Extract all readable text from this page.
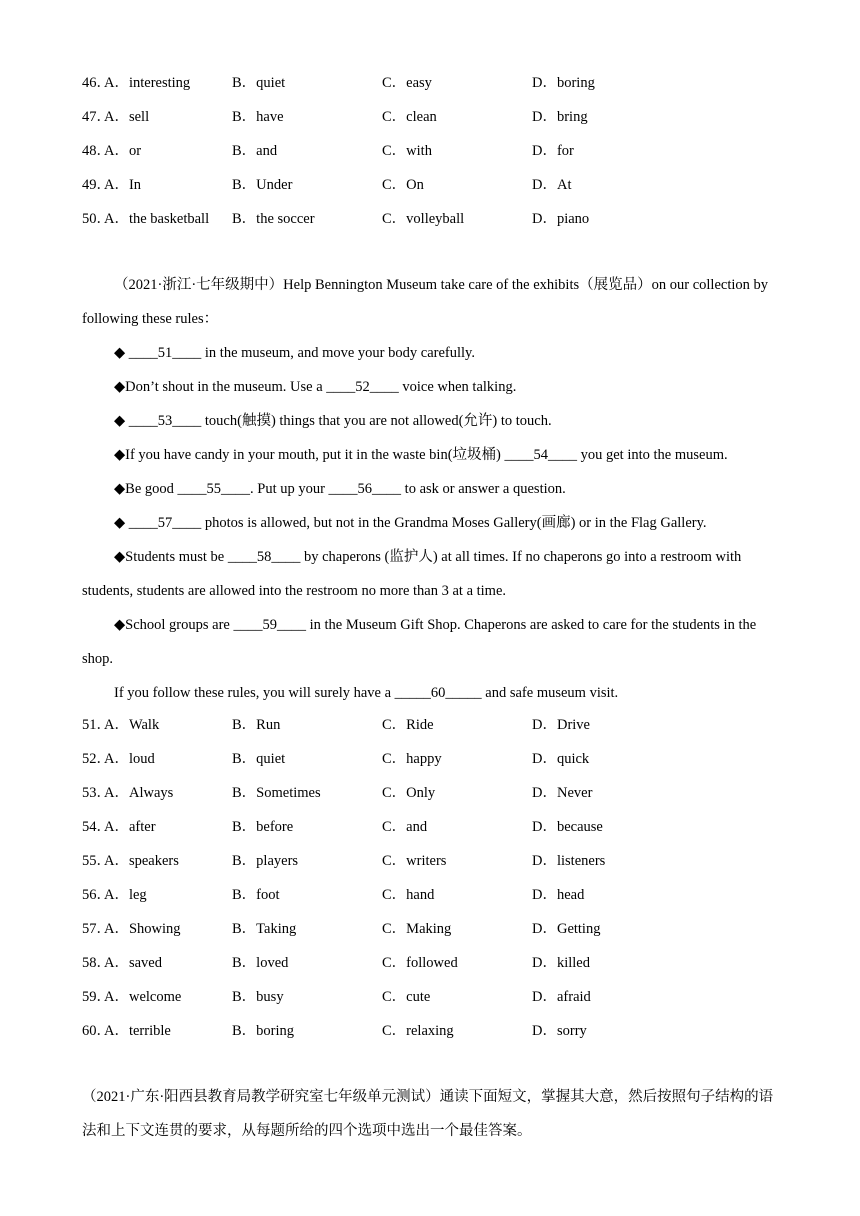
46．
A．interesting	B．quiet	C．easy	D．boring
47．
A．sell	B．have	C．clean	D．bring
48．
A．or	B．and	C．with	D．for
49．
A．In	B．Under	C．On	D．At
50．
A．the basketball B．the soccer	C．volleyball	D．piano

（2021·浙江·七年级期中）Help Bennington Museum take care of the exhibits（展览品）on our collection by following these rules：

◆ ____51____ in the museum, and move your body carefully.

◆Don’t shout in the museum. Use a ____52____ voice when talking.

◆ ____53____ touch(触摸) things that you are not allowed(允许) to touch.

◆If you have candy in your mouth, put it in the waste bin(垃圾桶) ____54____ you get into the museum.

◆Be good ____55____. Put up your ____56____ to ask or answer a question.

◆ ____57____ photos is allowed, but not in the Grandma Moses Gallery(画廊) or in the Flag Gallery.

◆Students must be ____58____ by chaperons (监护人) at all times. If no chaperons go into a restroom with students, students are allowed into the restroom no more than 3 at a time.

◆School groups are ____59____ in the Museum Gift Shop. Chaperons are asked to care for the students in the shop.

If you follow these rules, you will surely have a _____60_____ and safe museum visit.

51．
A．Walk	B．Run	C．Ride	D．Drive
52．
A．loud	B．quiet	C．happy	D．quick
53．
A．Always	B．Sometimes	C．Only	D．Never
54．
A．after	B．before	C．and	D．because
55．
A．speakers	B．players	C．writers	D．listeners
56．
A．leg	B．foot	C．hand	D．head
57．
A．Showing	B．Taking	C．Making	D．Getting
58．
A．saved	B．loved	C．followed	D．killed
59．
A．welcome	B．busy	C．cute	D．afraid
60．
A．terrible	B．boring	C．relaxing	D．sorry

（2021·广东·阳西县教育局教学研究室七年级单元测试）通读下面短文，掌握其大意，然后按照句子结构的语法和上下文连贯的要求，从每题所给的四个选项中选出一个最佳答案。
